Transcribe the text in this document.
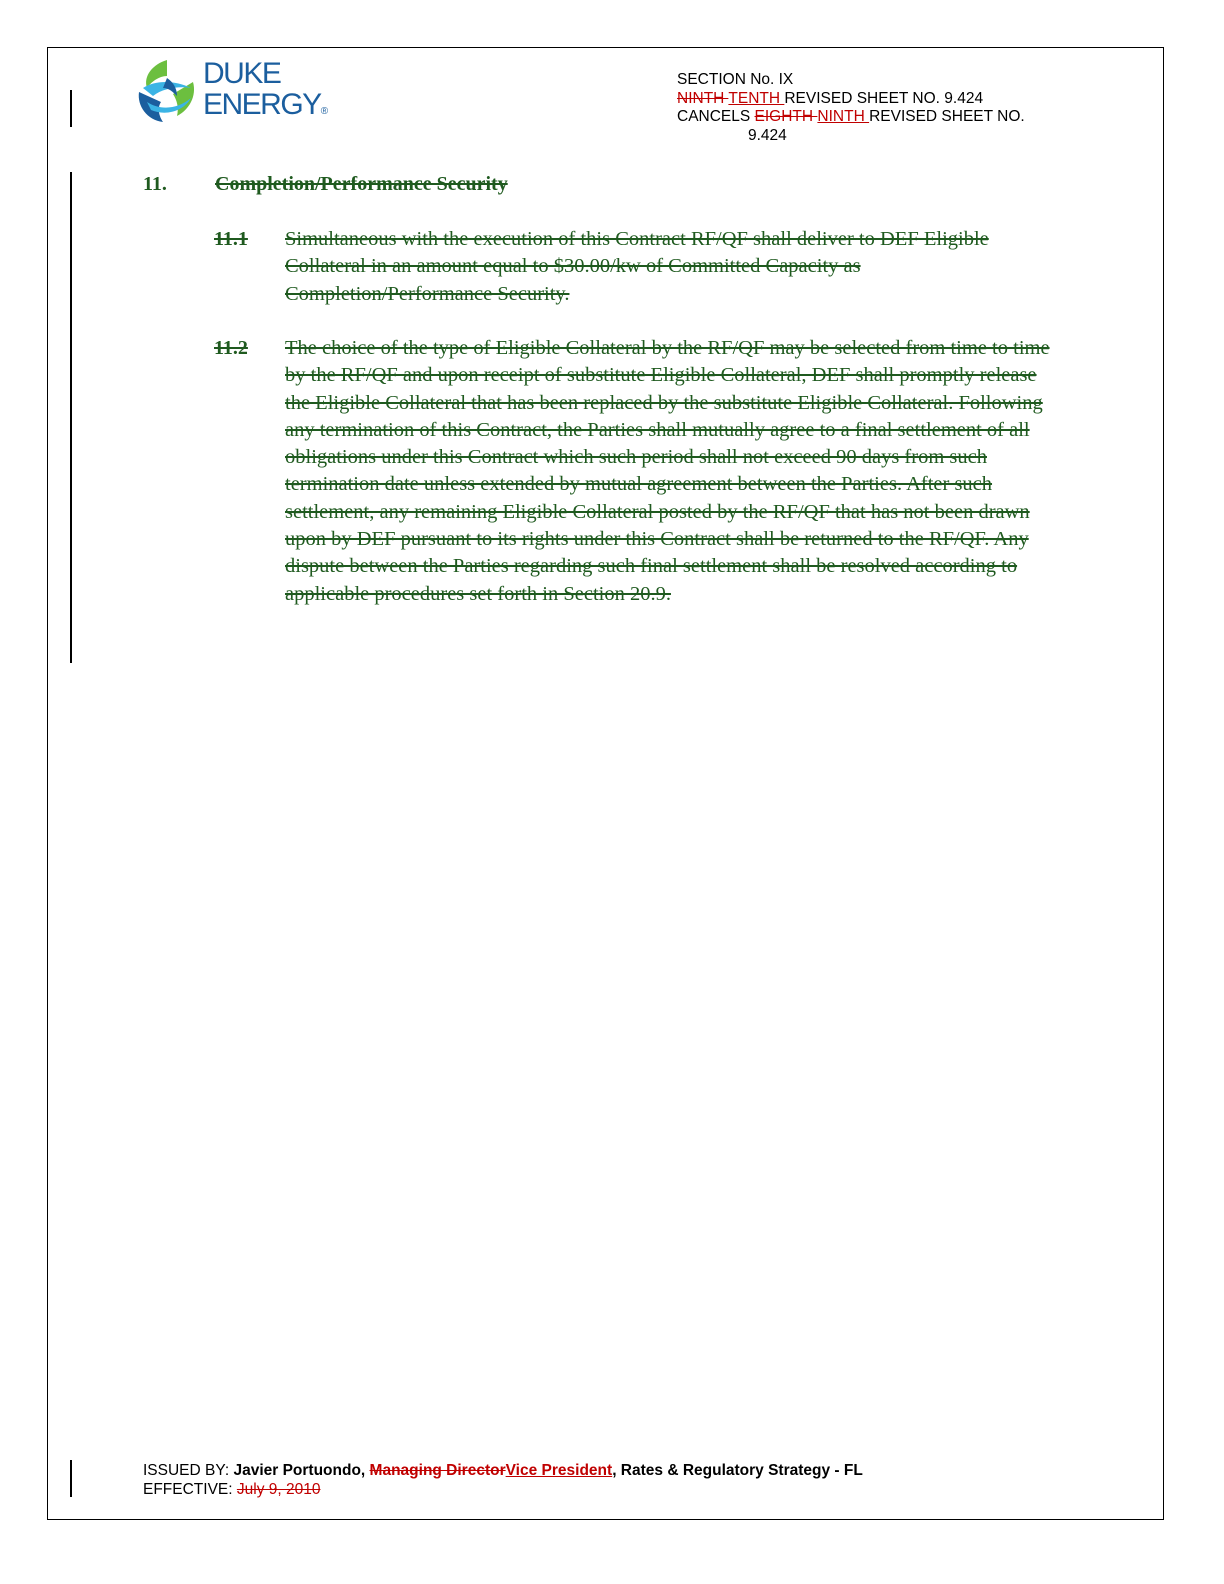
DUKE
ENERGY®
SECTION No. IX
NINTH TENTH REVISED SHEET NO. 9.424
CANCELS EIGHTH NINTH REVISED SHEET NO.
9.424
11. Completion/Performance Security
11.1 Simultaneous with the execution of this Contract RF/QF shall deliver to DEF Eligible Collateral in an amount equal to $30.00/kw of Committed Capacity as Completion/Performance Security.
11.2 The choice of the type of Eligible Collateral by the RF/QF may be selected from time to time by the RF/QF and upon receipt of substitute Eligible Collateral, DEF shall promptly release the Eligible Collateral that has been replaced by the substitute Eligible Collateral. Following any termination of this Contract, the Parties shall mutually agree to a final settlement of all obligations under this Contract which such period shall not exceed 90 days from such termination date unless extended by mutual agreement between the Parties. After such settlement, any remaining Eligible Collateral posted by the RF/QF that has not been drawn upon by DEF pursuant to its rights under this Contract shall be returned to the RF/QF. Any dispute between the Parties regarding such final settlement shall be resolved according to applicable procedures set forth in Section 20.9.
ISSUED BY: Javier Portuondo, Managing DirectorVice President, Rates & Regulatory Strategy - FL
EFFECTIVE: July 9, 2010
